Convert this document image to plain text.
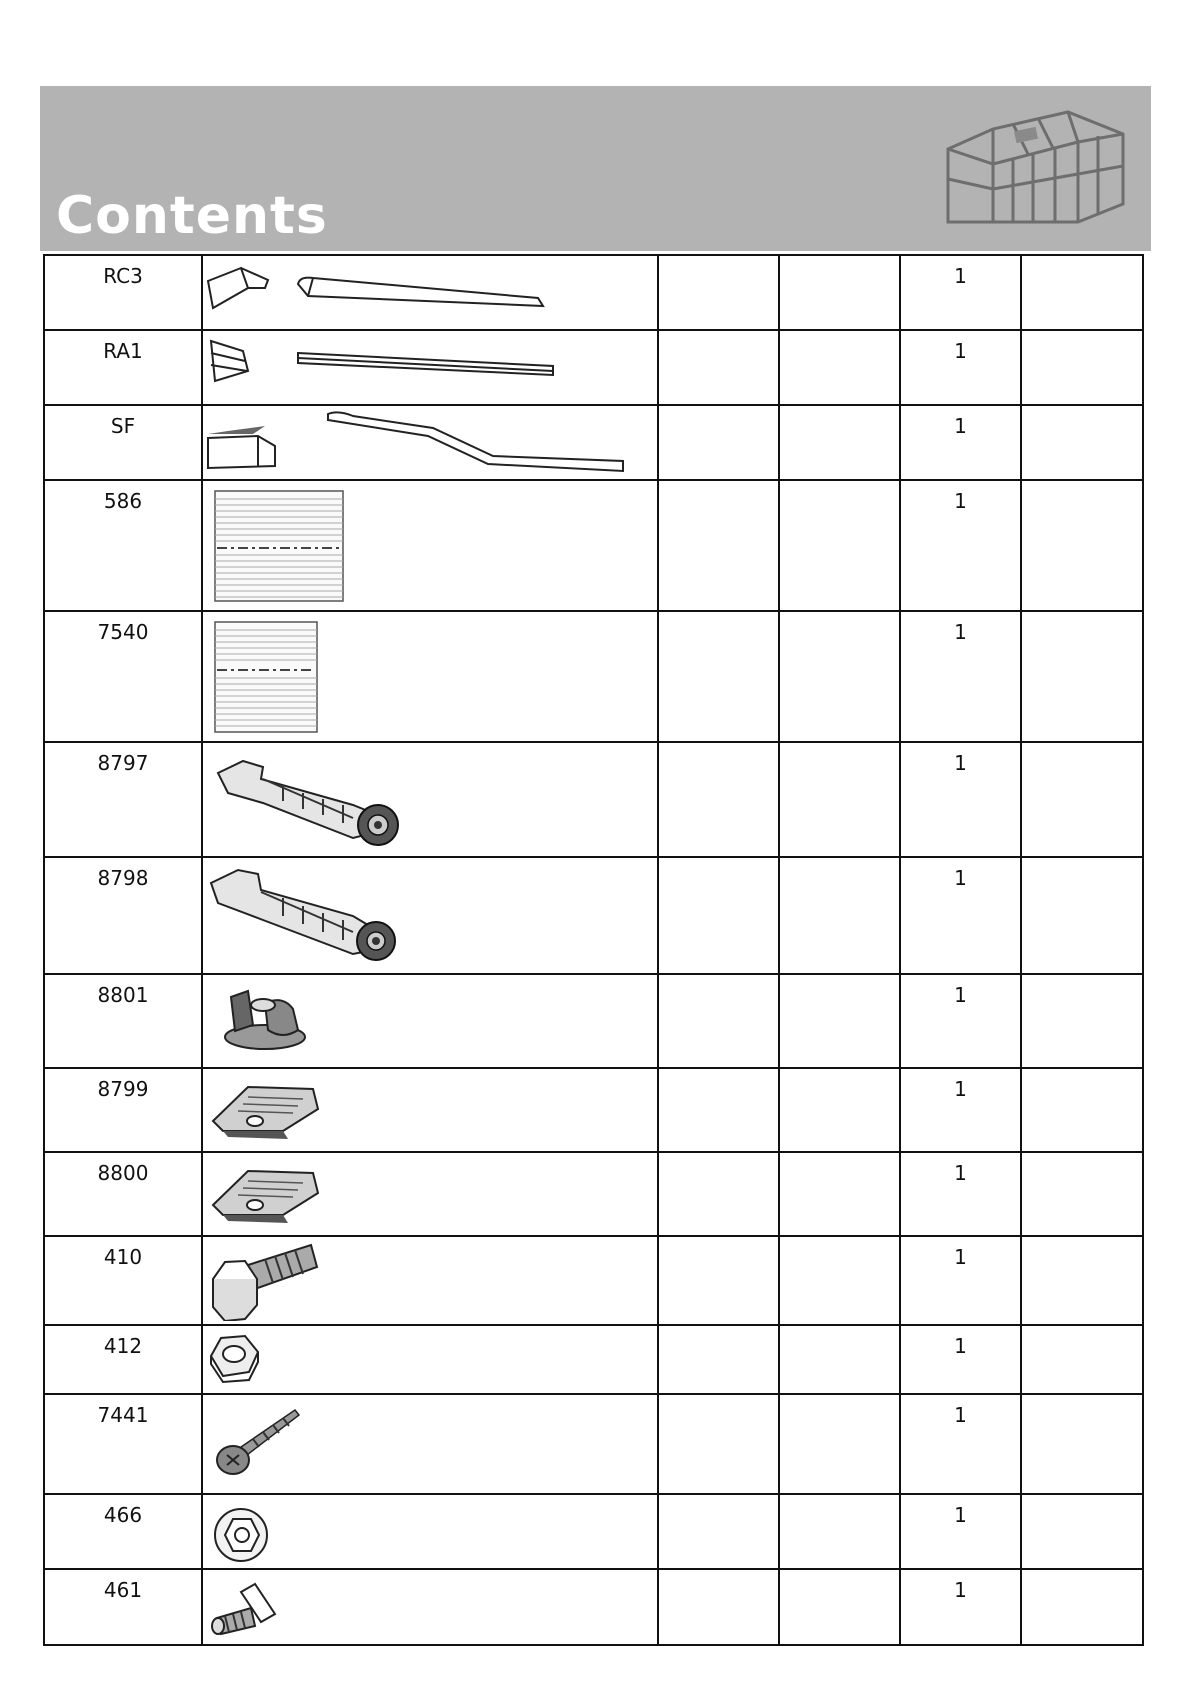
Contents
RC3				1	
RA1				1	
SF				1	
586				1	
7540				1	
8797				1	
8798				1	
8801				1	
8799				1	
8800				1	
410				1	
412				1	
7441				1	
466				1	
461				1	
